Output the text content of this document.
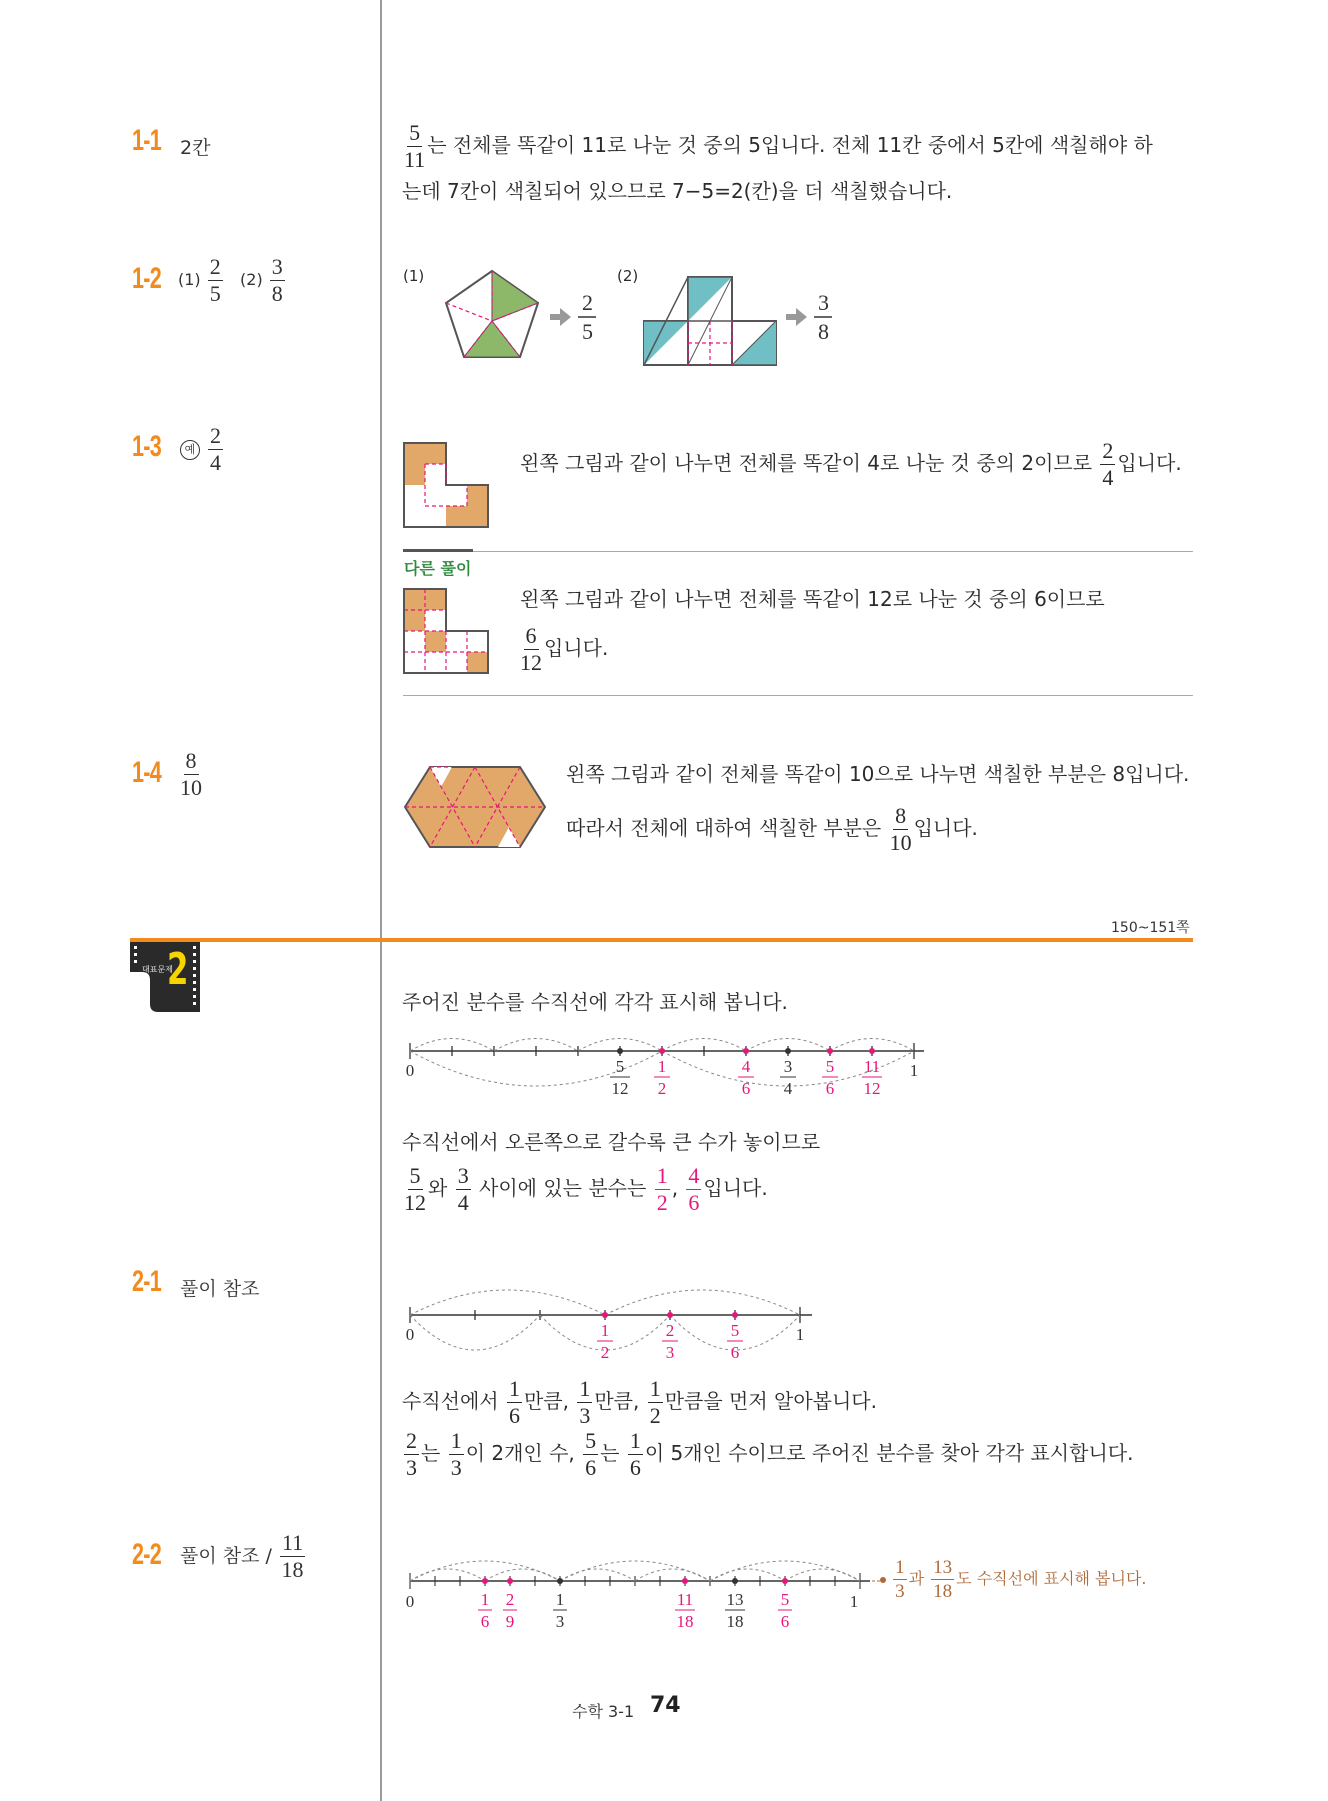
1-1 2칸	$\frac{5}{11}$ 는 전체를 똑같이 11로 나눈 것 중의 5입니다. 전체 11칸 중에서 5칸에 색칠해야 하
는데 7칸이 색칠되어 있으므로 7−5=2(칸)을 더 색칠했습니다.
1-2 $(1) \frac{2}{5} (2) \frac{3}{8}$	(1)	(2)
2
5
3
8
1-3	예 $\frac{2}{4}$	왼쪽 그림과 같이 나누면 전체를 똑같이 4로 나눈 것 중의 2이므로 $\frac{2}{4}$ 입니다.
다른 풀이
왼쪽 그림과 같이 나누면 전체를 똑같이 12로 나눈 것 중의 6이므로
$\frac{6}{12}$ 입니다.
$1-4 \frac{8}{10}$	왼쪽 그림과 같이 전체를 똑같이 10으로 나누면 색칠한 부분은 8입니다.
따라서 전체에 대하여 색칠한 부분은 $\frac{8}{10}$ 입니다.
150~151쪽
대표문제
2
주어진 분수를 수직선에 각각 표시해 봅니다.
0	1
5
12
1
2
4
6
3
4
5
6
11
12
수직선에서 오른쪽으로 갈수록 큰 수가 놓이므로
$\frac{5}{12}$ 와 $\frac{3}{4}$ 사이에 있는 분수는 $\frac{1}{2}$ , $\frac{4}{6}$ 입니다.
2-1 풀이 참조
0	1
1
2
2
3
5
6
수직선에서 $\frac{1}{6}$ 만큼, $\frac{1}{3}$ 만큼, $\frac{1}{2}$ 만큼을 먼저 알아봅니다.
$\frac{2}{3}$ 는 $\frac{1}{3}$ 이 2개인 수, $\frac{5}{6}$ 는 $\frac{1}{6}$ 이 5개인 수이므로 주어진 분수를 찾아 각각 표시합니다.
2-2 풀이 참조 / $\frac{11}{18}$
0	1
1
6
2
9
1
3
11
18
13
18
5
6

$\frac{1}{3}$ 과 $\frac{13}{18}$ 도 수직선에 표시해 봅니다.
수학 3-1 74
